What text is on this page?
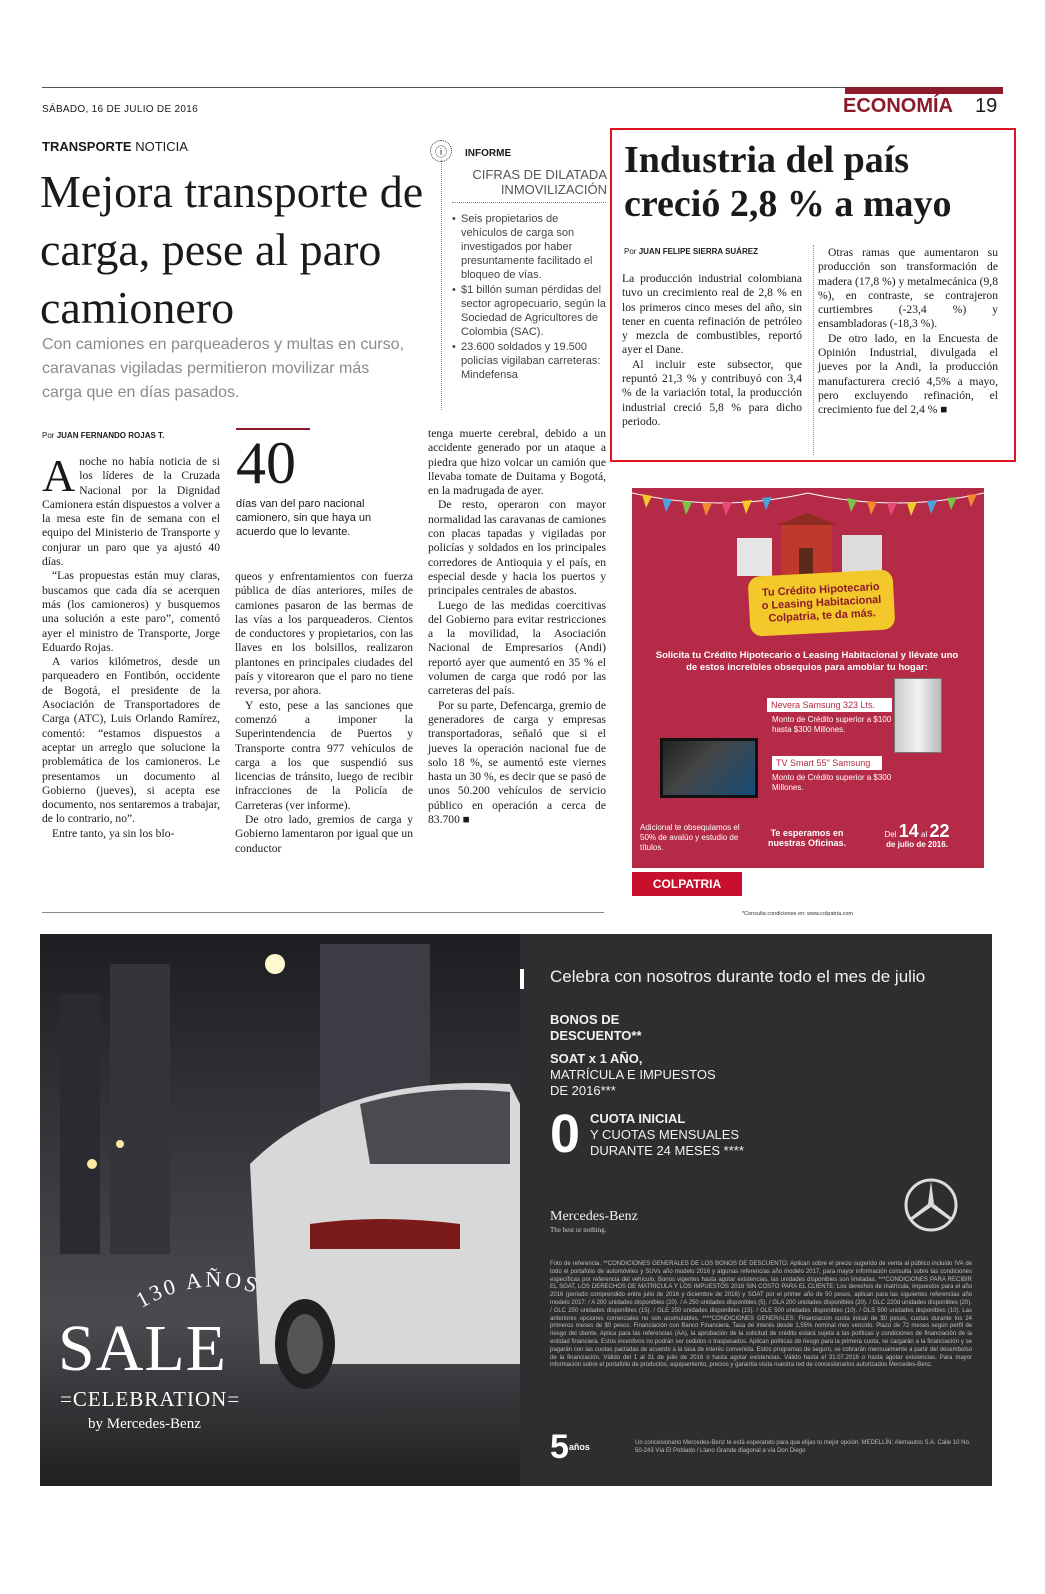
SÁBADO, 16 DE JULIO DE 2016	ECONOMÍA 19
TRANSPORTE NOTICIA
Mejora transporte de carga, pese al paro camionero
Con camiones en parqueaderos y multas en curso, caravanas vigiladas permitieron movilizar más carga que en días pasados.
Por JUAN FERNANDO ROJAS T.

Anoche no había noticia de si los líderes de la Cruzada Nacional por la Dignidad Camionera están dispuestos a volver a la mesa este fin de semana con el equipo del Ministerio de Transporte y conjurar un paro que ya ajustó 40 días.

“Las propuestas están muy claras, buscamos que cada día se acerquen más (los camioneros) y busquemos una solución a este paro”, comentó ayer el ministro de Transporte, Jorge Eduardo Rojas.

A varios kilómetros, desde un parqueadero en Fontibón, occidente de Bogotá, el presidente de la Asociación de Transportadores de Carga (ATC), Luis Orlando Ramírez, comentó: “estamos dispuestos a aceptar un arreglo que solucione la problemática de los camioneros. Le presentamos un documento al Gobierno (jueves), si acepta ese documento, nos sentaremos a trabajar, de lo contrario, no”.

Entre tanto, ya sin los blo-

40
días van del paro nacional camionero, sin que haya un acuerdo que lo levante.

queos y enfrentamientos con fuerza pública de días anteriores, miles de camiones pasaron de las bermas de las vías a los parqueaderos. Cientos de conductores y propietarios, con las llaves en los bolsillos, realizaron plantones en principales ciudades del país y vitorearon que el paro no tiene reversa, por ahora.

Y esto, pese a las sanciones que comenzó a imponer la Superintendencia de Puertos y Transporte contra 977 vehículos de carga a los que suspendió sus licencias de tránsito, luego de recibir infracciones de la Policía de Carreteras (ver informe).

De otro lado, gremios de carga y Gobierno lamentaron por igual que un conductor

tenga muerte cerebral, debido a un accidente generado por un ataque a piedra que hizo volcar un camión que llevaba tomate de Duitama y Bogotá, en la madrugada de ayer.

De resto, operaron con mayor normalidad las caravanas de camiones con placas tapadas y vigiladas por policías y soldados en los principales corredores de Antioquia y el país, en especial desde y hacia los puertos y principales centrales de abastos.

Luego de las medidas coercitivas del Gobierno para evitar restricciones a la movilidad, la Asociación Nacional de Empresarios (Andi) reportó ayer que aumentó en 35 % el volumen de carga que rodó por las carreteras del país.

Por su parte, Defencarga, gremio de generadores de carga y empresas transportadoras, señaló que si el jueves la operación nacional fue de solo 18 %, se aumentó este viernes hasta un 30 %, es decir que se pasó de unos 50.200 vehículos de servicio público en operación a cerca de 83.700 ■

ⓘ	INFORME
CIFRAS DE DILATADA INMOVILIZACIÓN
• Seis propietarios de vehículos de carga son investigados por haber presuntamente facilitado el bloqueo de vías.
• $1 billón suman pérdidas del sector agropecuario, según la Sociedad de Agricultores de Colombia (SAC).
• 23.600 soldados y 19.500 policías vigilaban carreteras: Mindefensa
Industria del país creció 2,8 % a mayo
Por JUAN FELIPE SIERRA SUÁREZ

La producción industrial colombiana tuvo un crecimiento real de 2,8 % en los primeros cinco meses del año, sin tener en cuenta refinación de petróleo y mezcla de combustibles, reportó ayer el Dane.

Al incluir este subsector, que repuntó 21,3 % y contribuyó con 3,4 % de la variación total, la producción industrial creció 5,8 % para dicho periodo.

Otras ramas que aumentaron su producción son transformación de madera (17,8 %) y metalmecánica (9,8 %), en contraste, se contrajeron curtiembres (-23,4 %) y ensambladoras (-18,3 %).

De otro lado, en la Encuesta de Opinión Industrial, divulgada el jueves por la Andi, la producción manufacturera creció 4,5% a mayo, pero excluyendo refinación, el crecimiento fue del 2,4 % ■

Tu Crédito Hipotecario
o Leasing Habitacional
Colpatria, te da más.
Solicita tu Crédito Hipotecario o Leasing Habitacional y llévate uno de estos increíbles obsequios para amoblar tu hogar:
Nevera Samsung 323 Lts.
Monto de Crédito superior a $100 hasta $300 Millones.
TV Smart 55" Samsung
Monto de Crédito superior a $300 Millones.
Adicional te obsequiamos el 50% de avalúo y estudio de títulos.
Te esperamos en nuestras Oficinas.
Del 14 al 22
de julio de 2016.
COLPATRIA
*Consulta condiciones en: www.colpatria.com
130 AÑOS
SALE
=CELEBRATION=
by Mercedes-Benz
Celebra con nosotros durante todo el mes de julio
BONOS DE
DESCUENTO**
SOAT x 1 AÑO,
MATRÍCULA E IMPUESTOS
DE 2016***
0 CUOTA INICIAL
Y CUOTAS MENSUALES
DURANTE 24 MESES ****
Mercedes-Benz
The best or nothing.
Foto de referencia. **CONDICIONES GENERALES DE LOS BONOS DE DESCUENTO: Aplican sobre el precio sugerido de venta al público incluido IVA de todo el portafolio de automóviles y SUVs año modelo 2016 y algunas referencias año modelo 2017, para mayor información consulta sobre las condiciones específicas por referencia del vehículo. Bonos vigentes hasta agotar existencias, las unidades disponibles son limitadas. ***CONDICIONES PARA RECIBIR EL SOAT, LOS DERECHOS DE MATRÍCULA Y LOS IMPUESTOS 2016 SIN COSTO PARA EL CLIENTE: Los derechos de matrícula, impuestos para el año 2016 (periodo comprendido entre julio de 2016 y diciembre de 2016) y SOAT por el primer año de 50 pesos, aplican para las siguientes referencias año modelo 2017: / A 200 unidades disponibles (20). / A 250 unidades disponibles (5). / GLA 200 unidades disponibles (20). / GLC 220d unidades disponibles (20). / GLC 250 unidades disponibles (15). / GLE 250 unidades disponibles (15). / GLE 500 unidades disponibles (10). / GLS 500 unidades disponibles (10). Las anteriores opciones comerciales no son acumulables. ****CONDICIONES GENERALES: Financiación cuota inicial de $0 pesos, cuotas durante los 24 primeros meses de $0 pesos. Financiación con Banco Financiera. Tasa de interés desde 1,55% nominal mes vencido. Plazo de 72 meses según perfil de riesgo del cliente. Aplica para las referencias (AA), la aprobación de la solicitud de crédito estará sujeta a las políticas y condiciones de financiación de la entidad financiera. Estos incentivos no podrán ser cedidos o traspasados. Aplican políticas de riesgo para la primera cuota, se cargarán a la financiación y se pagarán con las cuotas pactadas de acuerdo a la tasa de interés convenida. Estos programas de seguro, se cobrarán mensualmente a partir del desembolso de la financiación. Válido del 1 al 31 de julio de 2016 o hasta agotar existencias. Válido hasta el 31.07.2016 o hasta agotar existencias. Para mayor información sobre el portafolio de productos, equipamiento, precios y garantía visita nuestra red de concesionarios autorizados Mercedes-Benz.
$5^{años}$	Un concesionario Mercedes-Benz te está esperando para que elijas tu mejor opción. MEDELLÍN: Alemautos S.A. Calle 10 No. 50-243 Vía El Poblado / Llano Grande diagonal a vía Don Diego
